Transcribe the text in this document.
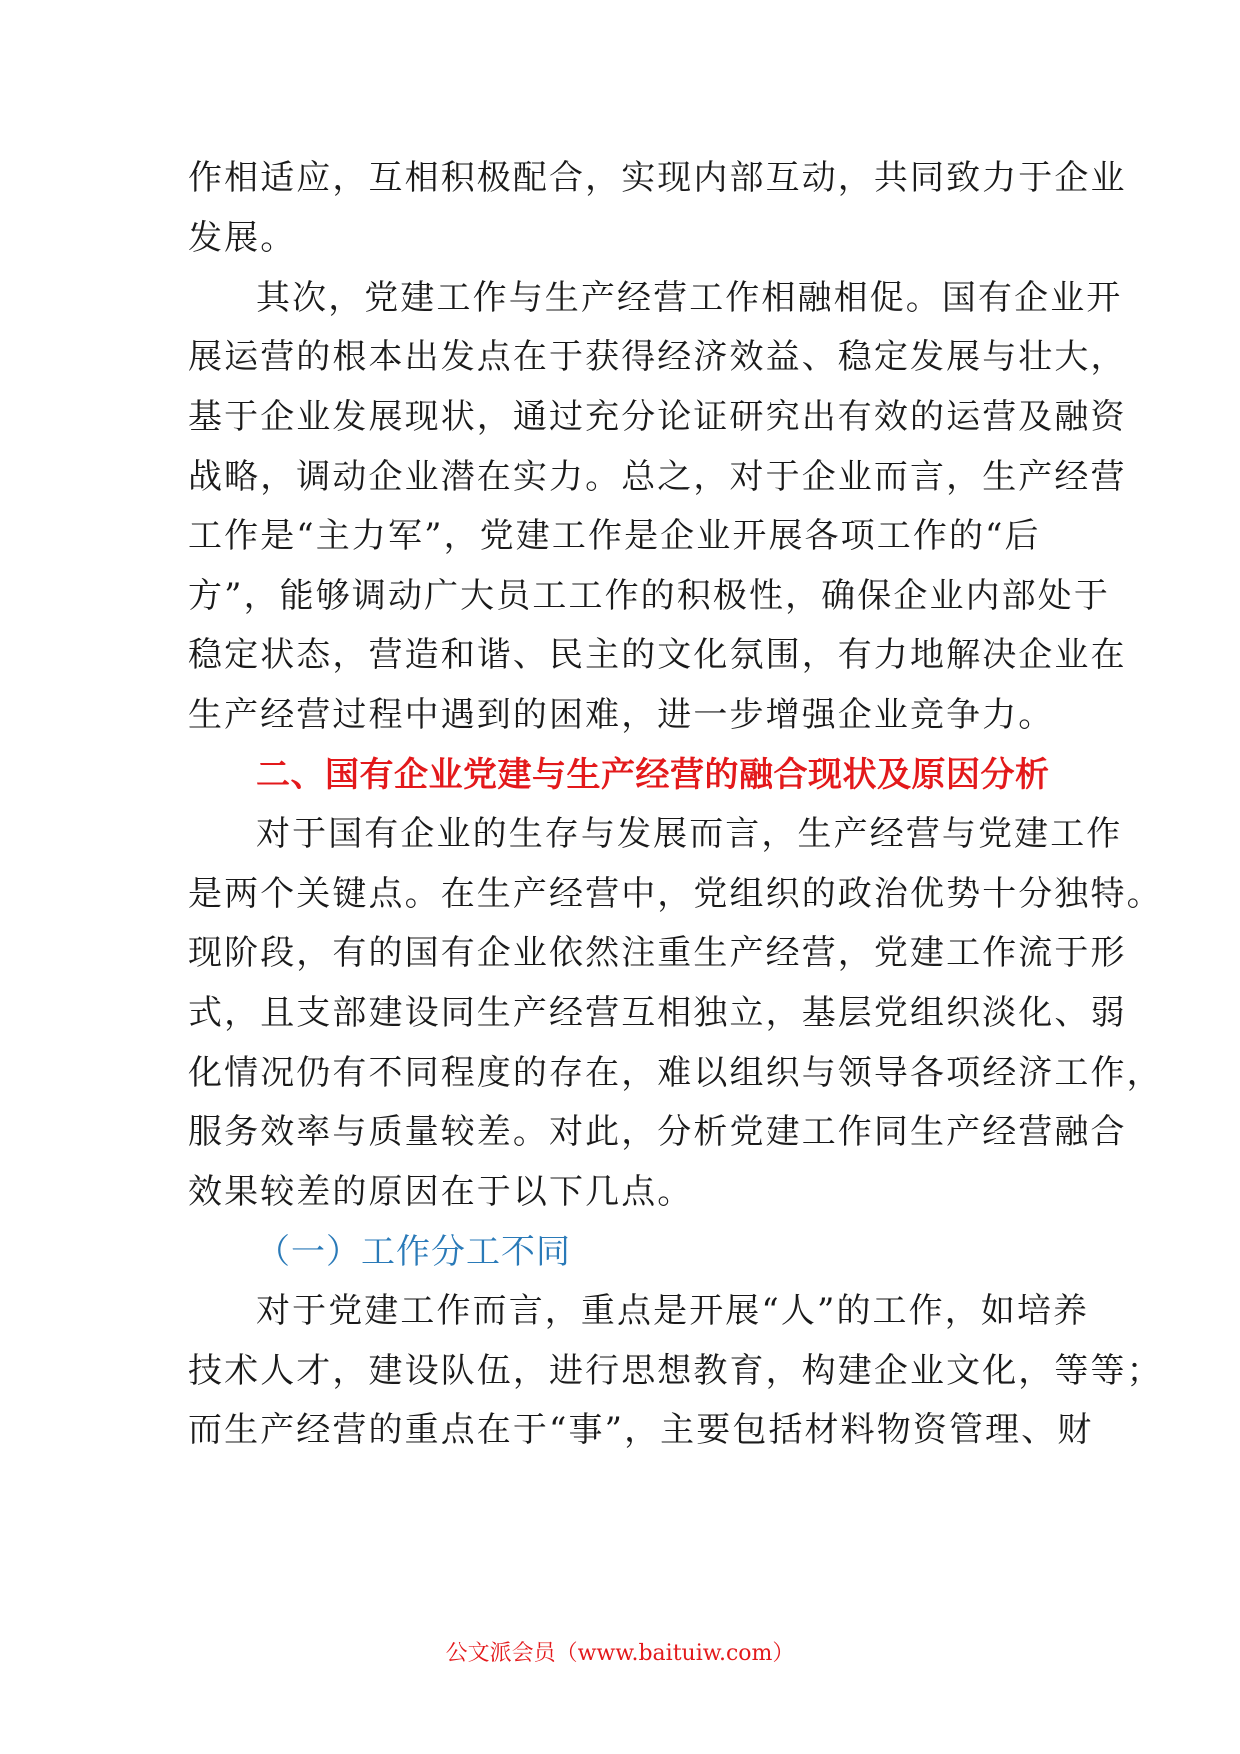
作相适应，互相积极配合，实现内部互动，共同致力于企业
发展。
其次，党建工作与生产经营工作相融相促。国有企业开
展运营的根本出发点在于获得经济效益、稳定发展与壮大，
基于企业发展现状，通过充分论证研究出有效的运营及融资
战略，调动企业潜在实力。总之，对于企业而言，生产经营
工作是“主力军”，党建工作是企业开展各项工作的“后
方”，能够调动广大员工工作的积极性，确保企业内部处于
稳定状态，营造和谐、民主的文化氛围，有力地解决企业在
生产经营过程中遇到的困难，进一步增强企业竞争力。
二、国有企业党建与生产经营的融合现状及原因分析
对于国有企业的生存与发展而言，生产经营与党建工作
是两个关键点。在生产经营中，党组织的政治优势十分独特。
现阶段，有的国有企业依然注重生产经营，党建工作流于形
式，且支部建设同生产经营互相独立，基层党组织淡化、弱
化情况仍有不同程度的存在，难以组织与领导各项经济工作，
服务效率与质量较差。对此，分析党建工作同生产经营融合
效果较差的原因在于以下几点。
（一）工作分工不同
对于党建工作而言，重点是开展“人”的工作，如培养
技术人才，建设队伍，进行思想教育，构建企业文化，等等；
而生产经营的重点在于“事”，主要包括材料物资管理、财
公文派会员（www.baituiw.com）
